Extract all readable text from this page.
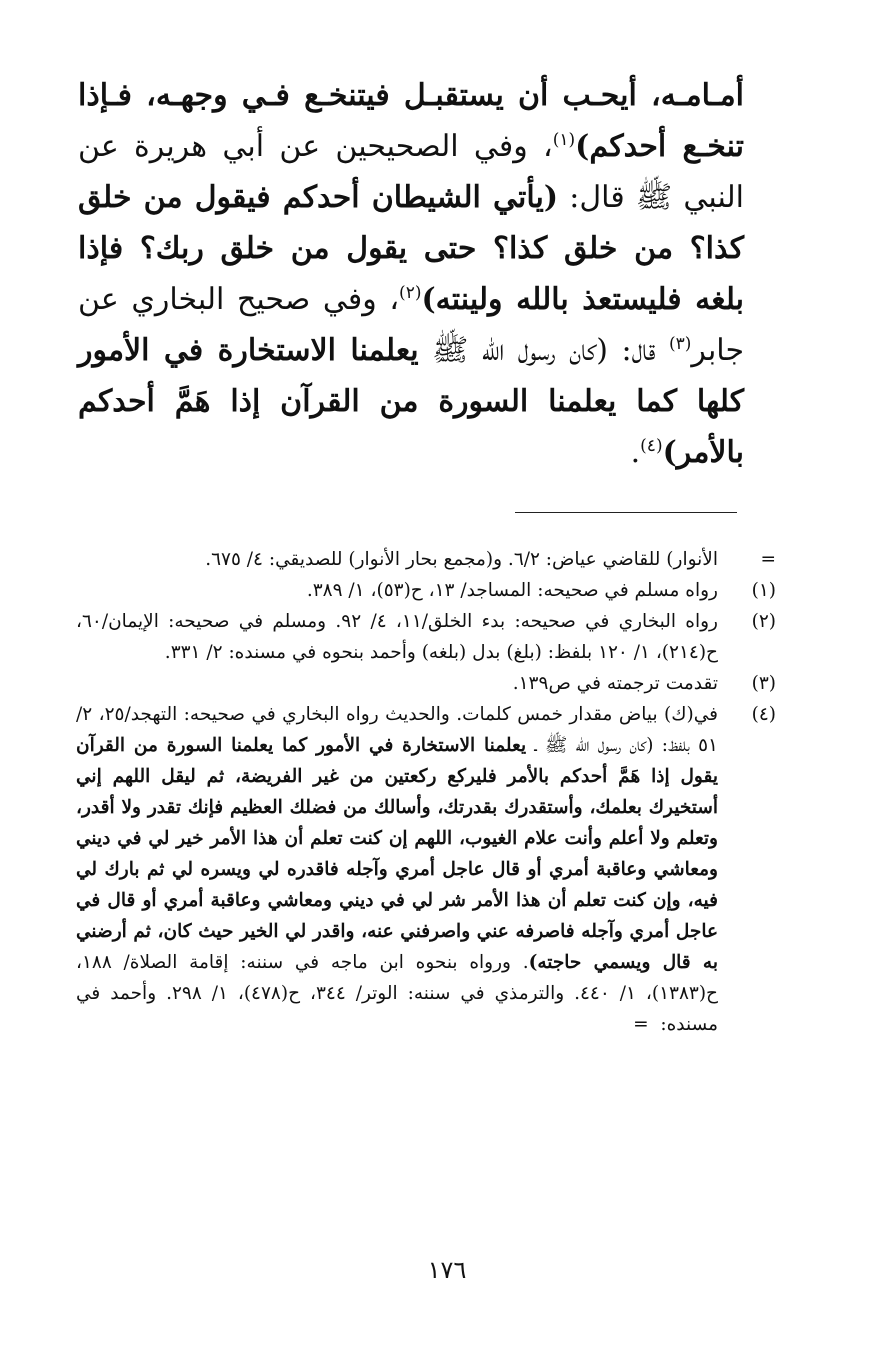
أمـامـه، أيحـب أن يستقبـل فيتنخـع فـي وجهـه، فـإذا تنخـع أحدكم)$^{(١)}$، وفي الصحيحين عن أبي هريرة عن النبي ﷺ قال: (يأتي الشيطان أحدكم فيقول من خلق كذا؟ من خلق كذا؟ حتى يقول من خلق ربك؟ فإذا بلغه فليستعذ بالله ولينته)$^{(٢)}$، وفي صحيح البخاري عن جابر$^{(٣)}$ قال: (كان رسول الله ﷺ يعلمنا الاستخارة في الأمور كلها كما يعلمنا السورة من القرآن إذا هَمَّ أحدكم بالأمر)$^{(٤)}$.

=
الأنوار) للقاضي عياض: ٦/٢. و(مجمع بحار الأنوار) للصديقي: ٤/ ٦٧٥.
(١)
رواه مسلم في صحيحه: المساجد/ ١٣، ح(٥٣)، ١/ ٣٨٩.
(٢)
رواه البخاري في صحيحه: بدء الخلق/١١، ٤/ ٩٢. ومسلم في صحيحه: الإيمان/٦٠، ح(٢١٤)، ١/ ١٢٠ بلفظ: (بلغ) بدل (بلغه) وأحمد بنحوه في مسنده: ٢/ ٣٣١.
(٣)
تقدمت ترجمته في ص١٣٩.
(٤)
في(ك) بياض مقدار خمس كلمات. والحديث رواه البخاري في صحيحه: التهجد/٢٥، ٢/ ٥١ بلفظ: (كان رسول الله ﷺ ـ يعلمنا الاستخارة في الأمور كما يعلمنا السورة من القرآن يقول إذا هَمَّ أحدكم بالأمر فليركع ركعتين من غير الفريضة، ثم ليقل اللهم إني أستخيرك بعلمك، وأستقدرك بقدرتك، وأسالك من فضلك العظيم فإنك تقدر ولا أقدر، وتعلم ولا أعلم وأنت علام الغيوب، اللهم إن كنت تعلم أن هذا الأمر خير لي في ديني ومعاشي وعاقبة أمري أو قال عاجل أمري وآجله فاقدره لي ويسره لي ثم بارك لي فيه، وإن كنت تعلم أن هذا الأمر شر لي في ديني ومعاشي وعاقبة أمري أو قال في عاجل أمري وآجله فاصرفه عني واصرفني عنه، واقدر لي الخير حيث كان، ثم أرضني به قال ويسمي حاجته). ورواه بنحوه ابن ماجه في سننه: إقامة الصلاة/ ١٨٨، ح(١٣٨٣)، ١/ ٤٤٠. والترمذي في سننه: الوتر/ ٣٤٤، ح(٤٧٨)، ١/ ٢٩٨. وأحمد في مسنده:  =
١٧٦
